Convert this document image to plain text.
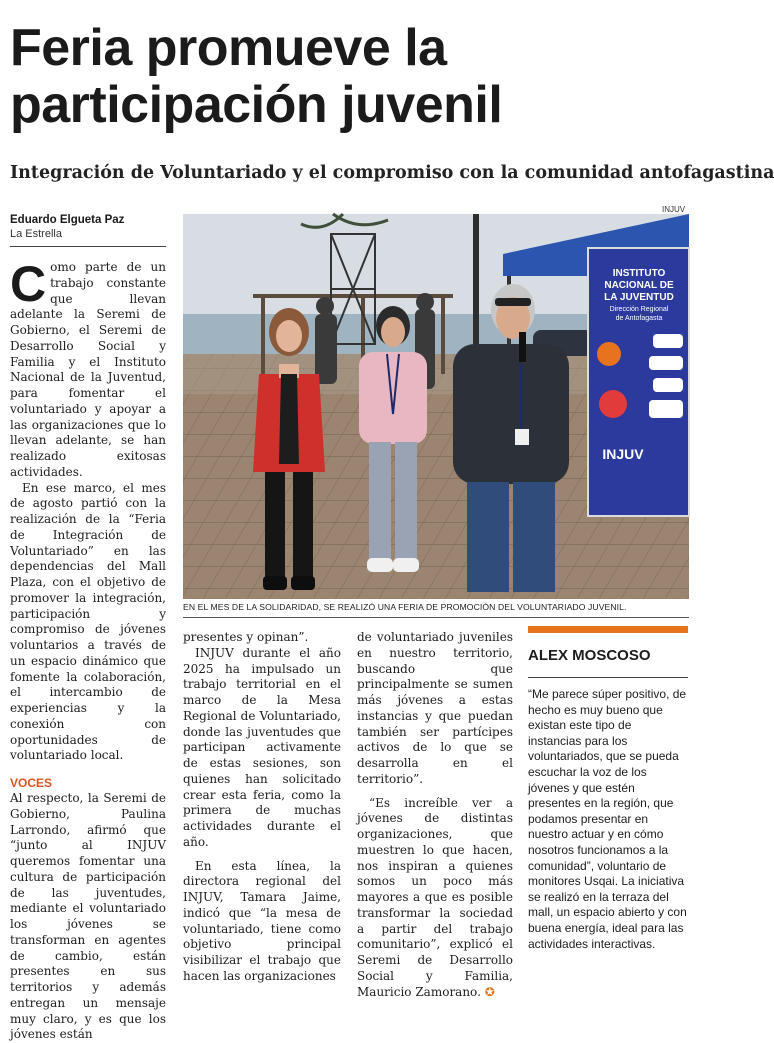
Feria promueve la participación juvenil
Integración de Voluntariado y el compromiso con la comunidad antofagastina
Eduardo Elgueta Paz
La Estrella
INJUV
INSTITUTO
NACIONAL DE
LA JUVENTUD
Dirección Regional
de Antofagasta
INJUV
EN EL MES DE LA SOLIDARIDAD, SE REALIZÓ UNA FERIA DE PROMOCIÓN DEL VOLUNTARIADO JUVENIL.

Como parte de un trabajo constante que llevan adelante la Seremi de Gobierno, el Seremi de Desarrollo Social y Familia y el Instituto Nacional de la Juventud, para fomentar el voluntariado y apoyar a las organizaciones que lo llevan adelante, se han realizado exitosas actividades.

En ese marco, el mes de agosto partió con la realización de la “Feria de Integración de Voluntariado” en las dependencias del Mall Plaza, con el objetivo de promover la integración, participación y compromiso de jóvenes voluntarios a través de un espacio dinámico que fomente la colaboración, el intercambio de experiencias y la conexión con oportunidades de voluntariado local.

VOCES

Al respecto, la Seremi de Gobierno, Paulina Larrondo, afirmó que “junto al INJUV queremos fomentar una cultura de participación de las juventudes, mediante el voluntariado los jóvenes se transforman en agentes de cambio, están presentes en sus territorios y además entregan un mensaje muy claro, y es que los jóvenes están

presentes y opinan”.

INJUV durante el año 2025 ha impulsado un trabajo territorial en el marco de la Mesa Regional de Voluntariado, donde las juventudes que participan activamente de estas sesiones, son quienes han solicitado crear esta feria, como la primera de muchas actividades durante el año.

En esta línea, la directora regional del INJUV, Tamara Jaime, indicó que “la mesa de voluntariado, tiene como objetivo principal visibilizar el trabajo que hacen las organizaciones

de voluntariado juveniles en nuestro territorio, buscando que principalmente se sumen más jóvenes a estas instancias y que puedan también ser partícipes activos de lo que se desarrolla en el territorio”.

“Es increíble ver a jóvenes de distintas organizaciones, que muestren lo que hacen, nos inspiran a quienes somos un poco más mayores a que es posible transformar la sociedad a partir del trabajo comunitario”, explicó el Seremi de Desarrollo Social y Familia, Mauricio Zamorano. ✪

ALEX MOSCOSO
“Me parece súper positivo, de hecho es muy bueno que existan este tipo de instancias para los voluntariados, que se pueda escuchar la voz de los jóvenes y que estén presentes en la región, que podamos presentar en nuestro actuar y en cómo nosotros funcionamos a la comunidad”, voluntario de monitores Usqai. La iniciativa se realizó en la terraza del mall, un espacio abierto y con buena energía, ideal para las actividades interactivas.
